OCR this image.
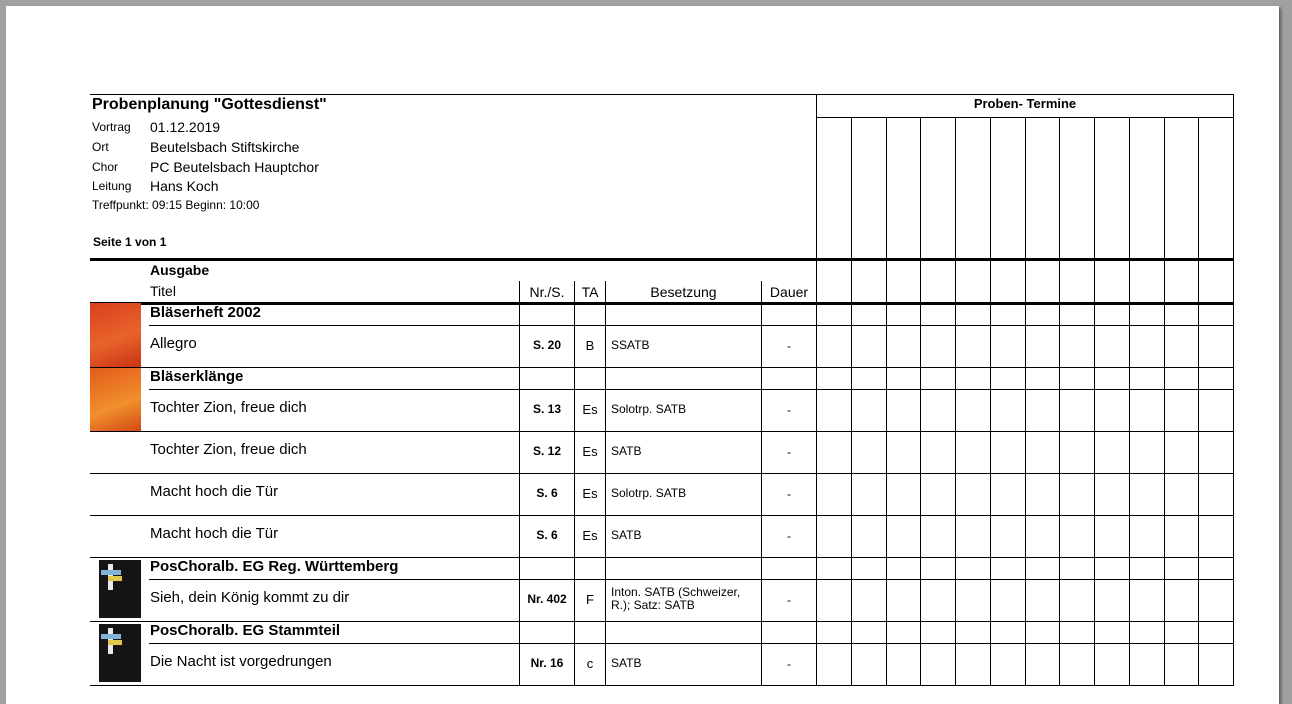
Probenplanung "Gottesdienst"
Vortrag 01.12.2019
Ort	Beutelsbach Stiftskirche
Chor PC Beutelsbach Hauptchor
Leitung Hans Koch
Treffpunkt: 09:15 Beginn: 10:00
Seite 1 von 1
Proben- Termine
Ausgabe
Titel	Nr./S.	TA	Besetzung	Dauer
Bläserheft 2002
Allegro	S. 20	B	SSATB	-
Bläserklänge
Tochter Zion, freue dich	S. 13	Es	Solotrp. SATB	-
Tochter Zion, freue dich	S. 12	Es	SATB	-
Macht hoch die Tür	S. 6	Es	Solotrp. SATB	-
Macht hoch die Tür	S. 6	Es	SATB	-
PosChoralb. EG Reg. Württemberg
Sieh, dein König kommt zu dir	Nr. 402	F	Inton. SATB (Schweizer, R.); Satz: SATB	-
PosChoralb. EG Stammteil
Die Nacht ist vorgedrungen	Nr. 16	c	SATB	-
